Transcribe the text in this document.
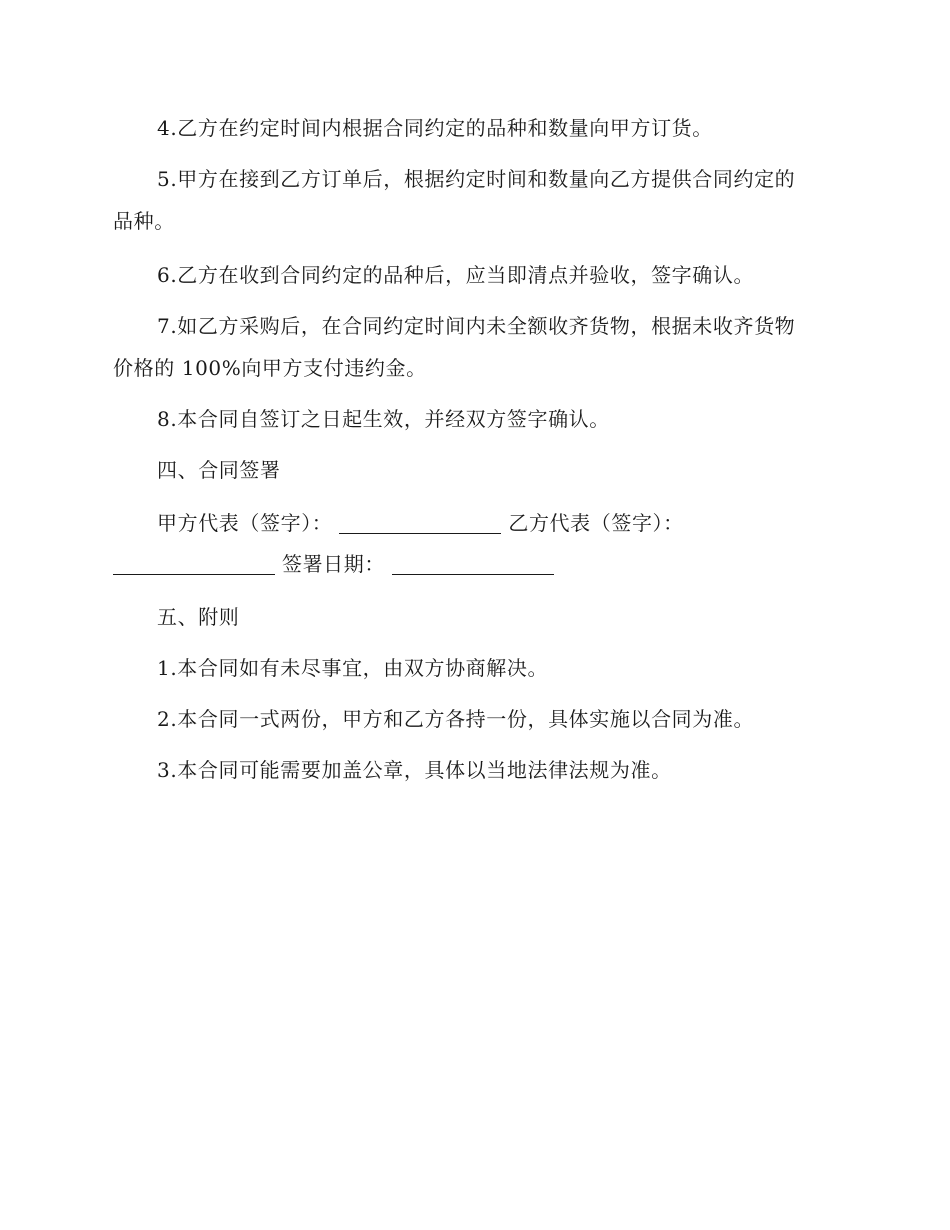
4.乙方在约定时间内根据合同约定的品种和数量向甲方订货。
5.甲方在接到乙方订单后，根据约定时间和数量向乙方提供合同约定的
品种。
6.乙方在收到合同约定的品种后，应当即清点并验收，签字确认。
7.如乙方采购后，在合同约定时间内未全额收齐货物，根据未收齐货物
价格的 100%向甲方支付违约金。
8.本合同自签订之日起生效，并经双方签字确认。
四、合同签署
甲方代表（签字）：	乙方代表（签字）：
签署日期：
五、附则
1.本合同如有未尽事宜，由双方协商解决。
2.本合同一式两份，甲方和乙方各持一份，具体实施以合同为准。
3.本合同可能需要加盖公章，具体以当地法律法规为准。
